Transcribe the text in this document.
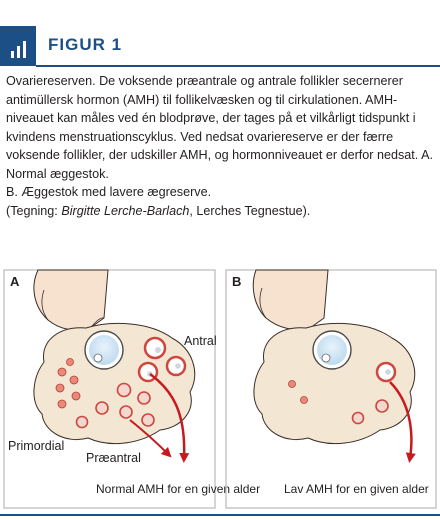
FIGUR 1

Ovariereserven. De voksende præantrale og antrale follikler secernerer antimüllersk hormon (AMH) til follikelvæsken og til cirkulationen. AMH-niveauet kan måles ved én blodprøve, der tages på et vilkårligt tidspunkt i kvindens menstruationscyklus. Ved nedsat ovariereserve er der færre voksende follikler, der udskiller AMH, og hormonniveauet er derfor nedsat. A. Normal æggestok.

B. Æggestok med lavere ægreserve.

(Tegning: Birgitte Lerche-Barlach, Lerches Tegnestue).

A
Antral
Primordial
Præantral
Normal AMH for en given alder
B
Lav AMH for en given alder
